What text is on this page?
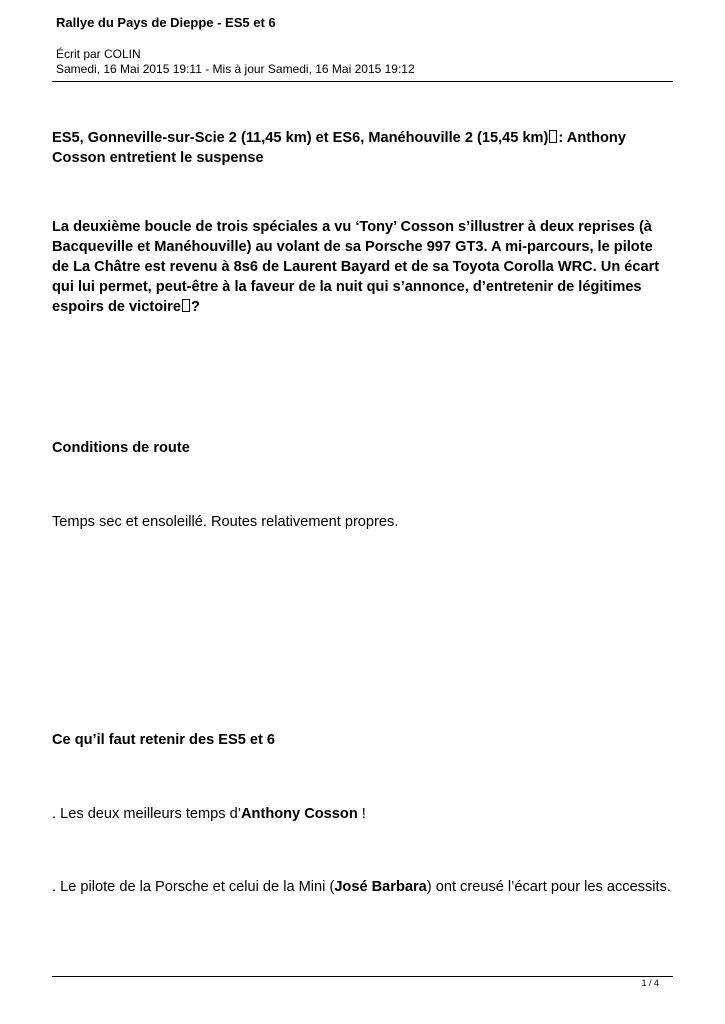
Rallye du Pays de Dieppe - ES5 et 6
Écrit par COLIN
Samedi, 16 Mai 2015 19:11 - Mis à jour Samedi, 16 Mai 2015 19:12
ES5, Gonneville-sur-Scie 2 (11,45 km) et ES6, Manéhouville 2 (15,45 km) : Anthony Cosson entretient le suspense
La deuxième boucle de trois spéciales a vu ‘Tony’ Cosson s’illustrer à deux reprises (à Bacqueville et Manéhouville) au volant de sa Porsche 997 GT3. A mi-parcours, le pilote de La Châtre est revenu à 8s6 de Laurent Bayard et de sa Toyota Corolla WRC. Un écart qui lui permet, peut-être à la faveur de la nuit qui s’annonce, d’entretenir de légitimes espoirs de victoire ?
Conditions de route
Temps sec et ensoleillé. Routes relativement propres.
Ce qu’il faut retenir des ES5 et 6
. Les deux meilleurs temps d’Anthony Cosson !
. Le pilote de la Porsche et celui de la Mini (José Barbara) ont creusé l’écart pour les accessits.
1 / 4
